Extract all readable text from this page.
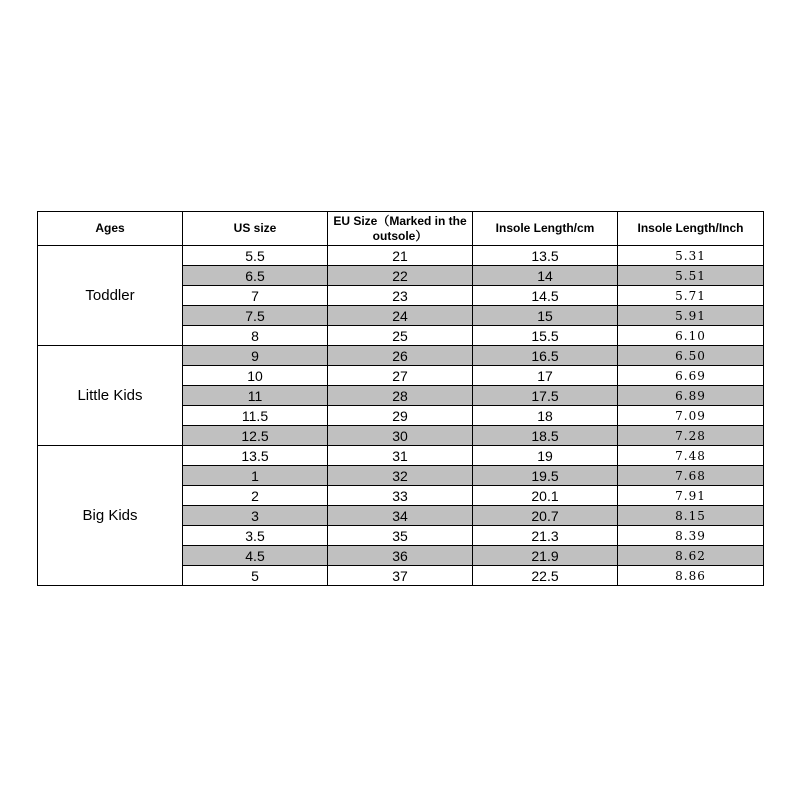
Ages	US size	EU Size（Marked in the outsole）	Insole Length/cm	Insole Length/Inch
Toddler	5.5	21	13.5	5.31
	6.5	22	14	5.51
	7	23	14.5	5.71
	7.5	24	15	5.91
	8	25	15.5	6.10
Little Kids	9	26	16.5	6.50
	10	27	17	6.69
	11	28	17.5	6.89
	11.5	29	18	7.09
	12.5	30	18.5	7.28
Big Kids	13.5	31	19	7.48
	1	32	19.5	7.68
	2	33	20.1	7.91
	3	34	20.7	8.15
	3.5	35	21.3	8.39
	4.5	36	21.9	8.62
	5	37	22.5	8.86
